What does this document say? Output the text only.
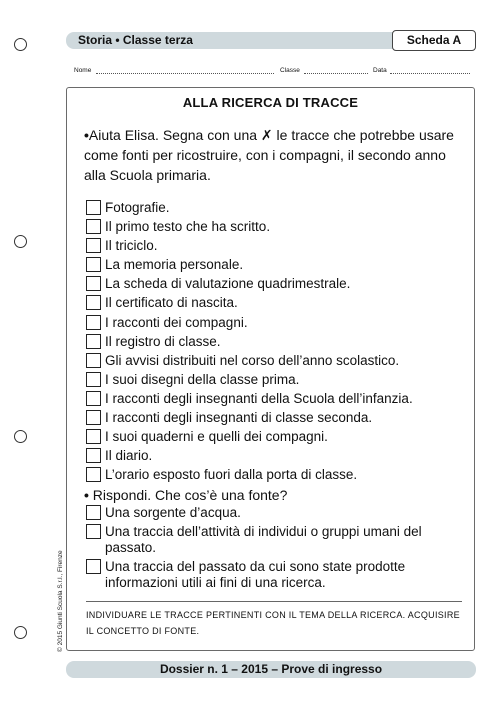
Storia • Classe terza	Scheda A
Nome	Classe	Data
ALLA RICERCA DI TRACCE
•Aiuta Elisa. Segna con una ✗ le tracce che potrebbe usare come fonti per ricostruire, con i compagni, il secondo anno alla Scuola primaria.
Fotografie.
Il primo testo che ha scritto.
Il triciclo.
La memoria personale.
La scheda di valutazione quadrimestrale.
Il certificato di nascita.
I racconti dei compagni.
Il registro di classe.
Gli avvisi distribuiti nel corso dell’anno scolastico.
I suoi disegni della classe prima.
I racconti degli insegnanti della Scuola dell’infanzia.
I racconti degli insegnanti di classe seconda.
I suoi quaderni e quelli dei compagni.
Il diario.
L’orario esposto fuori dalla porta di classe.
• Rispondi. Che cos’è una fonte?
Una sorgente d’acqua.
Una traccia dell’attività di individui o gruppi umani del passato.
Una traccia del passato da cui sono state prodotte informazioni utili ai fini di una ricerca.
INDIVIDUARE LE TRACCE PERTINENTI CON IL TEMA DELLA RICERCA. ACQUISIRE IL CONCETTO DI FONTE.
© 2015 Giunti Scuola S.r.l., Firenze
Dossier n. 1 – 2015 – Prove di ingresso
